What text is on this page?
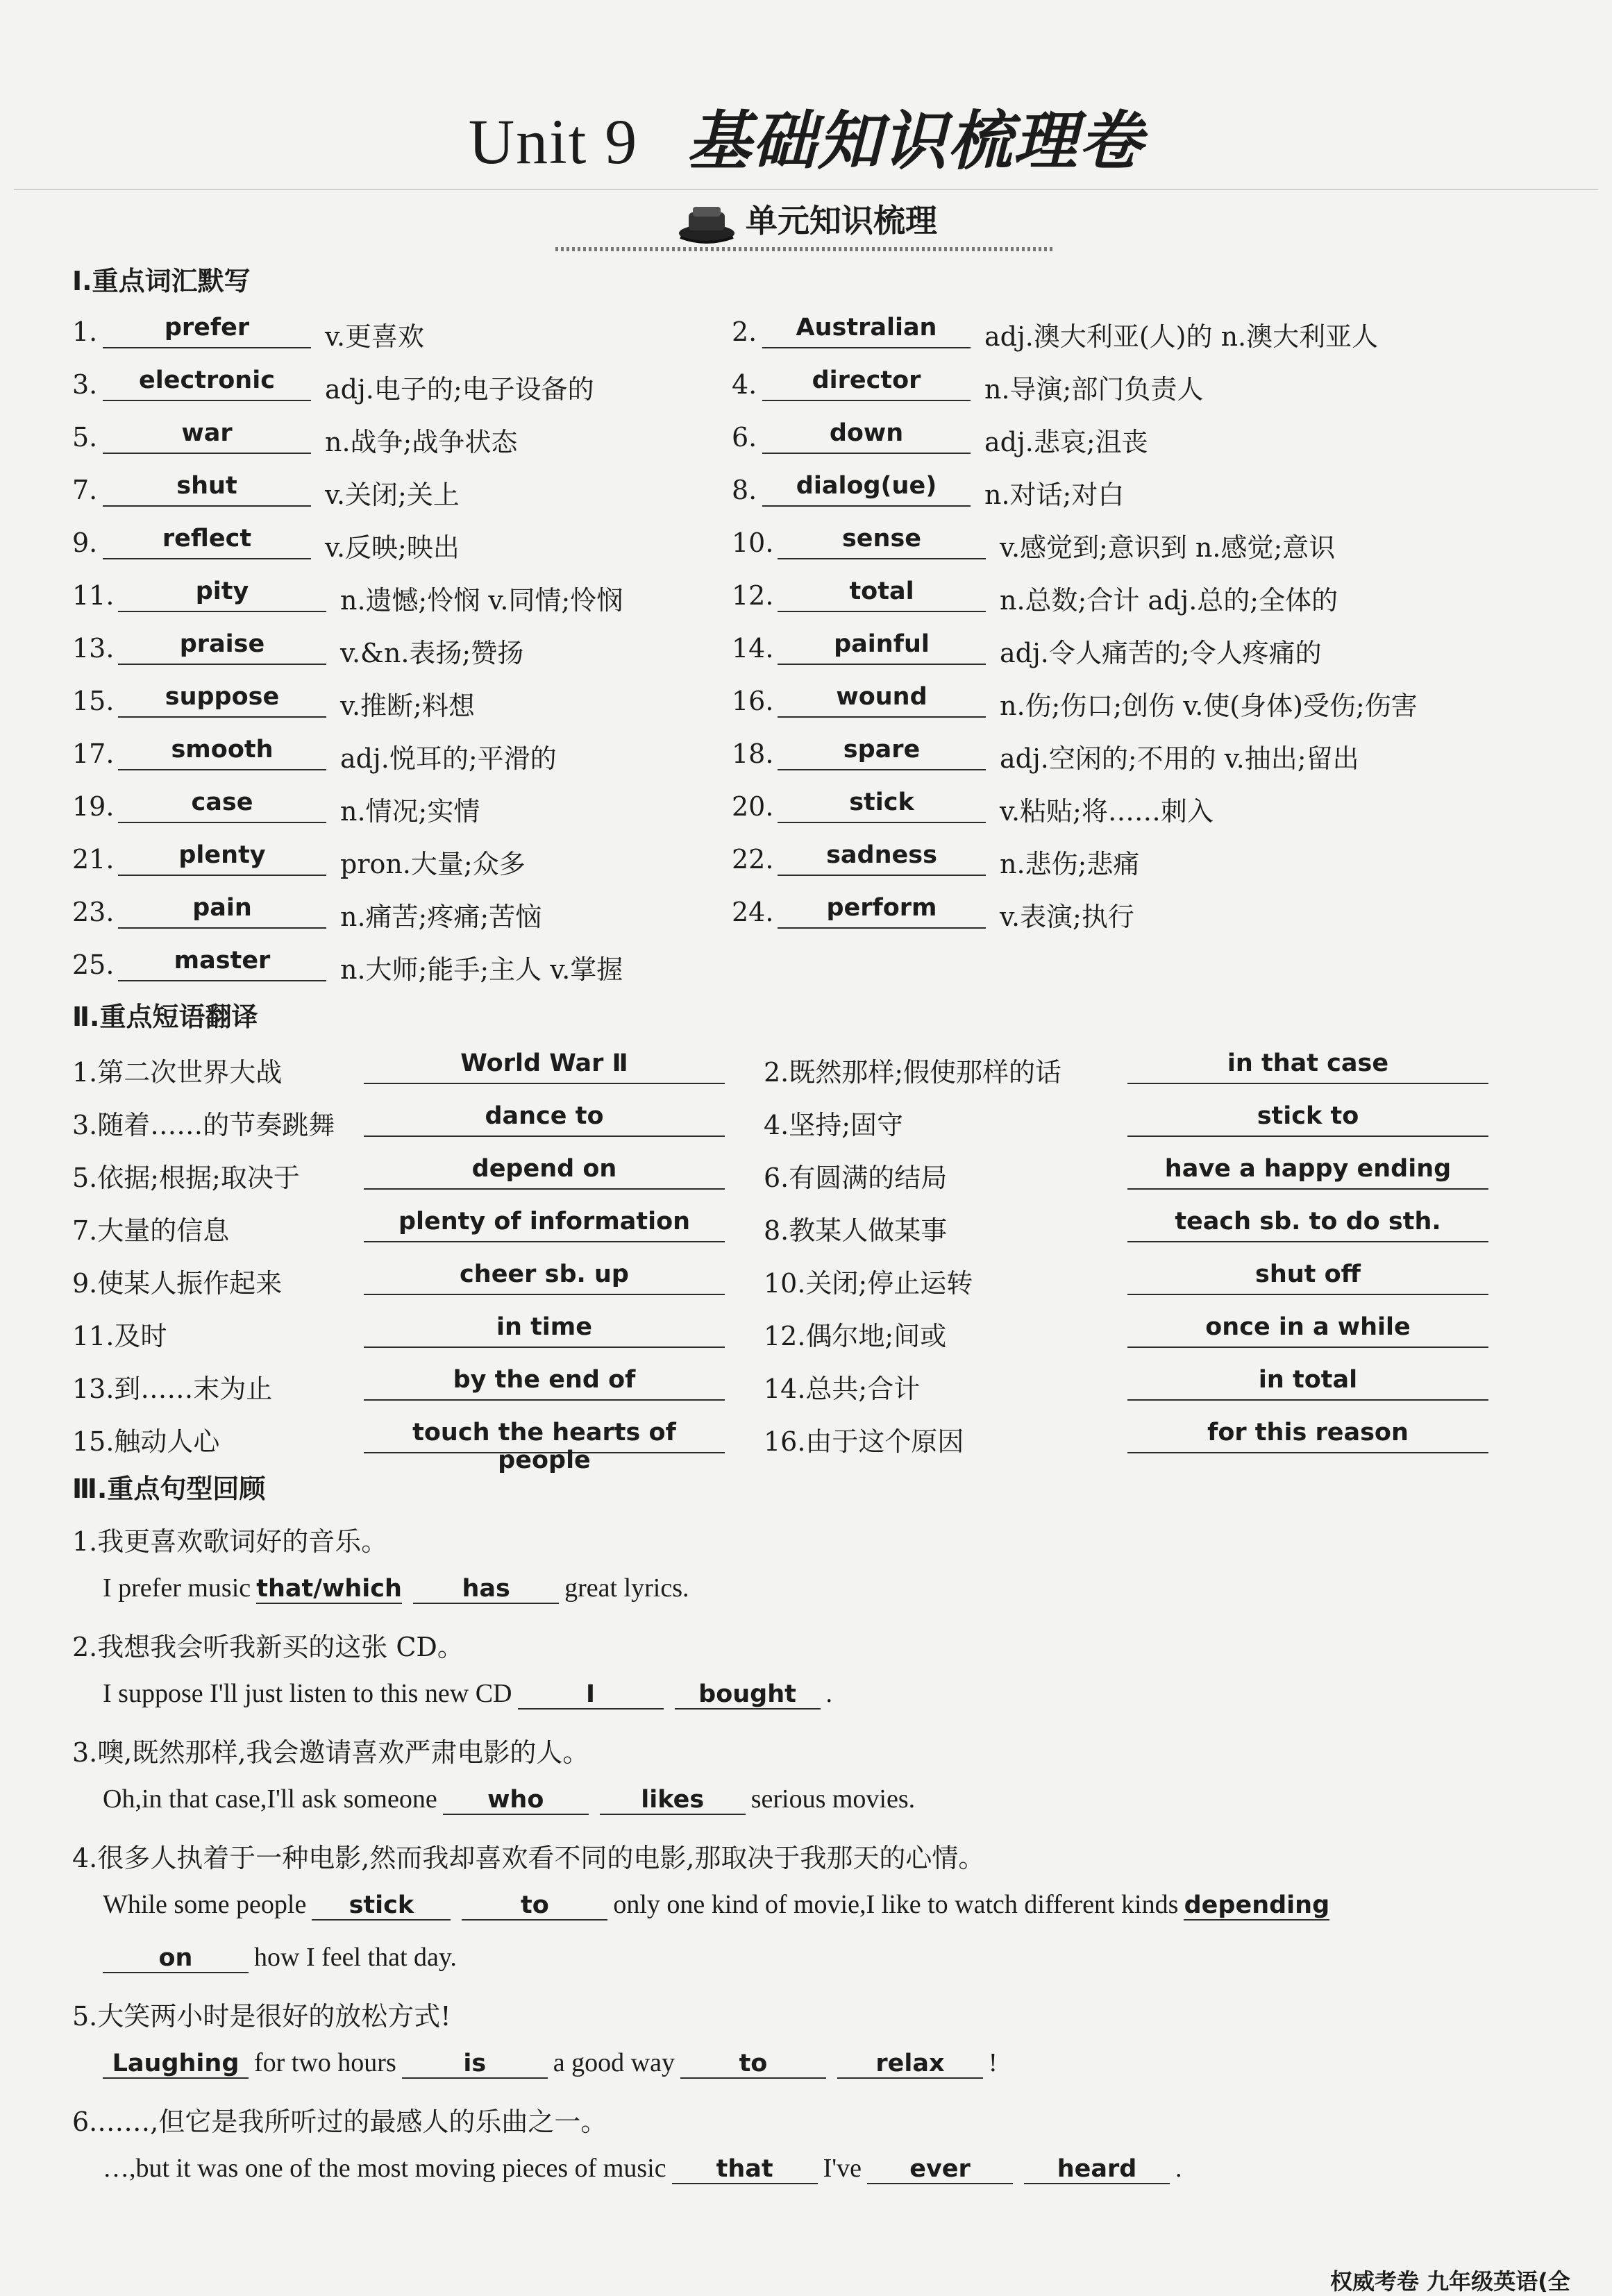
Unit 9 基础知识梳理卷
单元知识梳理
Ⅰ.重点词汇默写
1.	prefer	v.更喜欢	2.	Australian	adj.澳大利亚(人)的 n.澳大利亚人
3.	electronic	adj.电子的;电子设备的	4.	director	n.导演;部门负责人
5.	war	n.战争;战争状态	6.	down	adj.悲哀;沮丧
7.	shut	v.关闭;关上	8.	dialog(ue)	n.对话;对白
9.	reflect	v.反映;映出	10.	sense	v.感觉到;意识到 n.感觉;意识
11.	pity	n.遗憾;怜悯 v.同情;怜悯	12.	total	n.总数;合计 adj.总的;全体的
13.	praise	v.&n.表扬;赞扬	14.	painful	adj.令人痛苦的;令人疼痛的
15.	suppose	v.推断;料想	16.	wound	n.伤;伤口;创伤 v.使(身体)受伤;伤害
17.	smooth	adj.悦耳的;平滑的	18.	spare	adj.空闲的;不用的 v.抽出;留出
19.	case	n.情况;实情	20.	stick	v.粘贴;将……刺入
21.	plenty	pron.大量;众多	22.	sadness	n.悲伤;悲痛
23.	pain	n.痛苦;疼痛;苦恼	24.	perform	v.表演;执行
25.	master	n.大师;能手;主人 v.掌握
Ⅱ.重点短语翻译
1.第二次世界大战	World War Ⅱ	2.既然那样;假使那样的话	in that case
3.随着……的节奏跳舞	dance to	4.坚持;固守	stick to
5.依据;根据;取决于	depend on	6.有圆满的结局	have a happy ending
7.大量的信息	plenty of information	8.教某人做某事	teach sb. to do sth.
9.使某人振作起来	cheer sb. up	10.关闭;停止运转	shut off
11.及时	in time	12.偶尔地;间或	once in a while
13.到……末为止	by the end of	14.总共;合计	in total
15.触动人心	touch the hearts of people
16.由于这个原因	for this reason
Ⅲ.重点句型回顾
1.我更喜欢歌词好的音乐。
I prefer music that/which has great lyrics.
2.我想我会听我新买的这张 CD。
I suppose I'll just listen to this new CD	I	bought .
3.噢,既然那样,我会邀请喜欢严肃电影的人。
Oh,in that case,I'll ask someone who	likes serious movies.
4.很多人执着于一种电影,然而我却喜欢看不同的电影,那取决于我那天的心情。
While some people stick	to only one kind of movie,I like to watch different kinds depending
on how I feel that day.
5.大笑两小时是很好的放松方式!
Laughing for two hours	is	a good way	to	relax !
6.……,但它是我所听过的最感人的乐曲之一。
…,but it was one of the most moving pieces of music that I've ever	heard .
权威考卷 九年级英语(全
